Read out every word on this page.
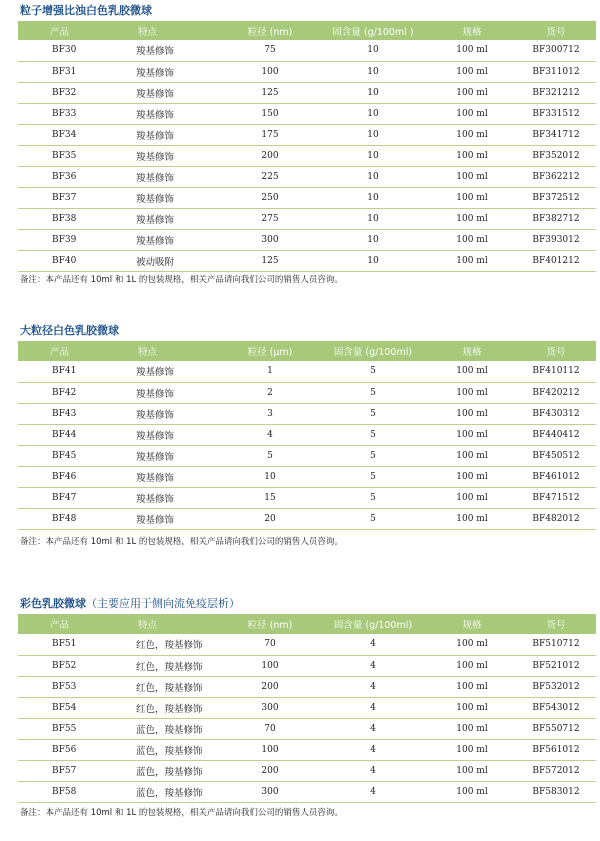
粒子增强比浊白色乳胶微球
产品	特点	粒径 (nm)	固含量 (g/100ml )	规格	货号
BF30	羧基修饰	75	10	100 ml	BF300712
BF31	羧基修饰	100	10	100 ml	BF311012
BF32	羧基修饰	125	10	100 ml	BF321212
BF33	羧基修饰	150	10	100 ml	BF331512
BF34	羧基修饰	175	10	100 ml	BF341712
BF35	羧基修饰	200	10	100 ml	BF352012
BF36	羧基修饰	225	10	100 ml	BF362212
BF37	羧基修饰	250	10	100 ml	BF372512
BF38	羧基修饰	275	10	100 ml	BF382712
BF39	羧基修饰	300	10	100 ml	BF393012
BF40	被动吸附	125	10	100 ml	BF401212
备注：本产品还有 10ml 和 1L 的包装规格，相关产品请向我们公司的销售人员咨询。
大粒径白色乳胶微球
产品	特点	粒径 (μm)	固含量 (g/100ml)	规格	货号
BF41	羧基修饰	1	5	100 ml	BF410112
BF42	羧基修饰	2	5	100 ml	BF420212
BF43	羧基修饰	3	5	100 ml	BF430312
BF44	羧基修饰	4	5	100 ml	BF440412
BF45	羧基修饰	5	5	100 ml	BF450512
BF46	羧基修饰	10	5	100 ml	BF461012
BF47	羧基修饰	15	5	100 ml	BF471512
BF48	羧基修饰	20	5	100 ml	BF482012
备注：本产品还有 10ml 和 1L 的包装规格，相关产品请向我们公司的销售人员咨询。
彩色乳胶微球（主要应用于侧向流免疫层析）
产品	特点	粒径 (nm)	固含量 (g/100ml)	规格	货号
BF51	红色，羧基修饰	70	4	100 ml	BF510712
BF52	红色，羧基修饰	100	4	100 ml	BF521012
BF53	红色，羧基修饰	200	4	100 ml	BF532012
BF54	红色，羧基修饰	300	4	100 ml	BF543012
BF55	蓝色，羧基修饰	70	4	100 ml	BF550712
BF56	蓝色，羧基修饰	100	4	100 ml	BF561012
BF57	蓝色，羧基修饰	200	4	100 ml	BF572012
BF58	蓝色，羧基修饰	300	4	100 ml	BF583012
备注：本产品还有 10ml 和 1L 的包装规格，相关产品请向我们公司的销售人员咨询。
